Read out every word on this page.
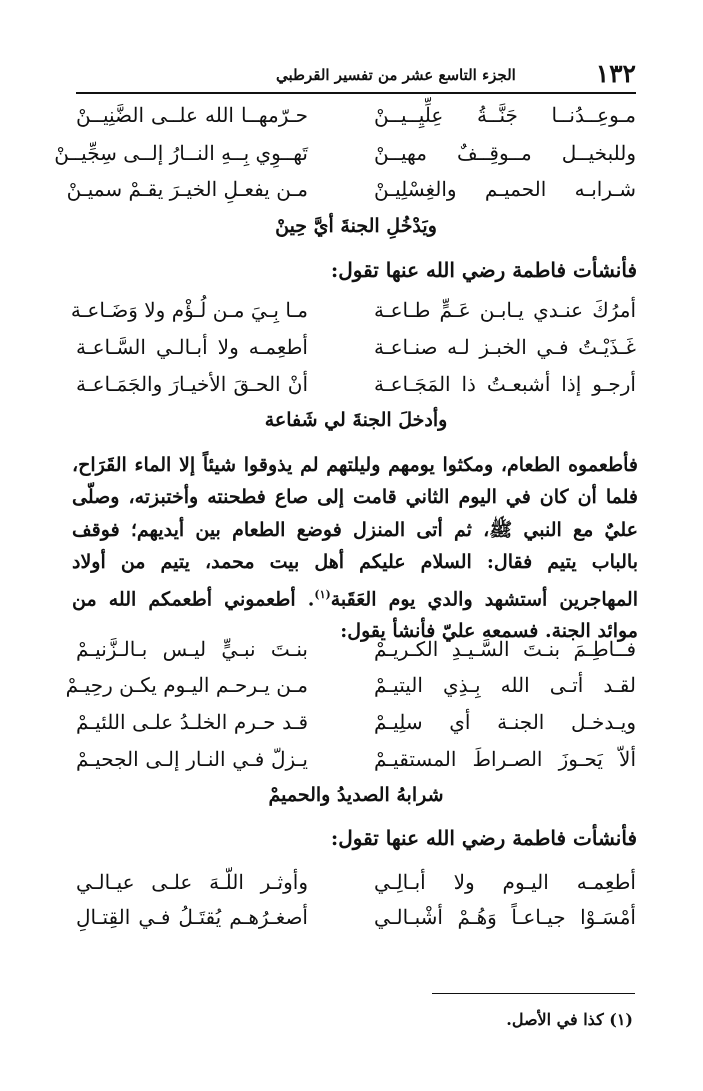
١٣٢
الجزء التاسع عشر من تفسير القرطبي
مـوعِــدُنــا جَنَّــةُ عِلِّيِــيــنْ
حـرّمهــا الله علــى الضَّنِيــنْ
وللبخيــل مــوقِــفٌ مهيــنْ
تَهــوِي بِــهِ النــارُ إلــى سِجِّيــنْ
شـرابـه الحميـم والغِسْلِيـنْ
مـن يفعـلِ الخيـرَ يقـمْ سميـنْ
ويَدْخُلِ الجنةَ أيَّ حِينْ
فأنشأت فاطمة رضي الله عنها تقول:
أمرُكَ عنـدي يـابـن عَـمٍّ طـاعـة
مـا بِـيَ مـن لُـؤْم ولا وَضَـاعـة
غَـذَيْـتُ فـي الخبـز لـه صنـاعـة
أطعِمـه ولا أبـالـي السَّـاعـة
أرجـو إذا أشبعـتُ ذا المَجَـاعـة
أنْ الحـقَ الأخيـارَ والجَمَـاعـة
وأدخلَ الجنةَ لي شَفاعة
فأطعموه الطعام، ومكثوا يومهم وليلتهم لم يذوقوا شيئاً إلا الماء القَرَاح، فلما أن كان في اليوم الثاني قامت إلى صاع فطحنته وأختبزته، وصلّى عليٌ مع النبي ﷺ، ثم أتى المنزل فوضع الطعام بين أيديهم؛ فوقف بالباب يتيم فقال: السلام عليكم أهل بيت محمد، يتيم من أولاد المهاجرين أستشهد والدي يوم العَقَبة$^{(١)}$. أطعموني أطعمكم الله من موائد الجنة. فسمعه عليّ فأنشأ يقول:
فــاطِـمَ بنـتَ السَّـيـدِ الكـريـمْ
بنـتَ نبـيٍّ ليـس بـالـزَّنيـمْ
لقـد أتـى الله بِـذِي اليتيـمْ
مـن يـرحـم اليـوم يكـن رحِيـمْ
ويـدخـل الجنـة أي سلِيـمْ
قـد حـرم الخلـدُ علـى اللئيـمْ
ألاّ يَحـوزَ الصـراطَ المستقيـمْ
يـزلّ فـي النـار إلـى الجحيـمْ
شرابهُ الصديدُ والحميمْ
فأنشأت فاطمة رضي الله عنها تقول:
أطعِمـه اليـوم ولا أبـالِـي
وأوثـر اللّـهَ علـى عيـالـي
أمْسَـوْا جيـاعـاً وَهُـمْ أشْبـالـي
أصغـرُهـم يُقتَـلُ فـي القِتـالِ
(١) كذا في الأصل.
